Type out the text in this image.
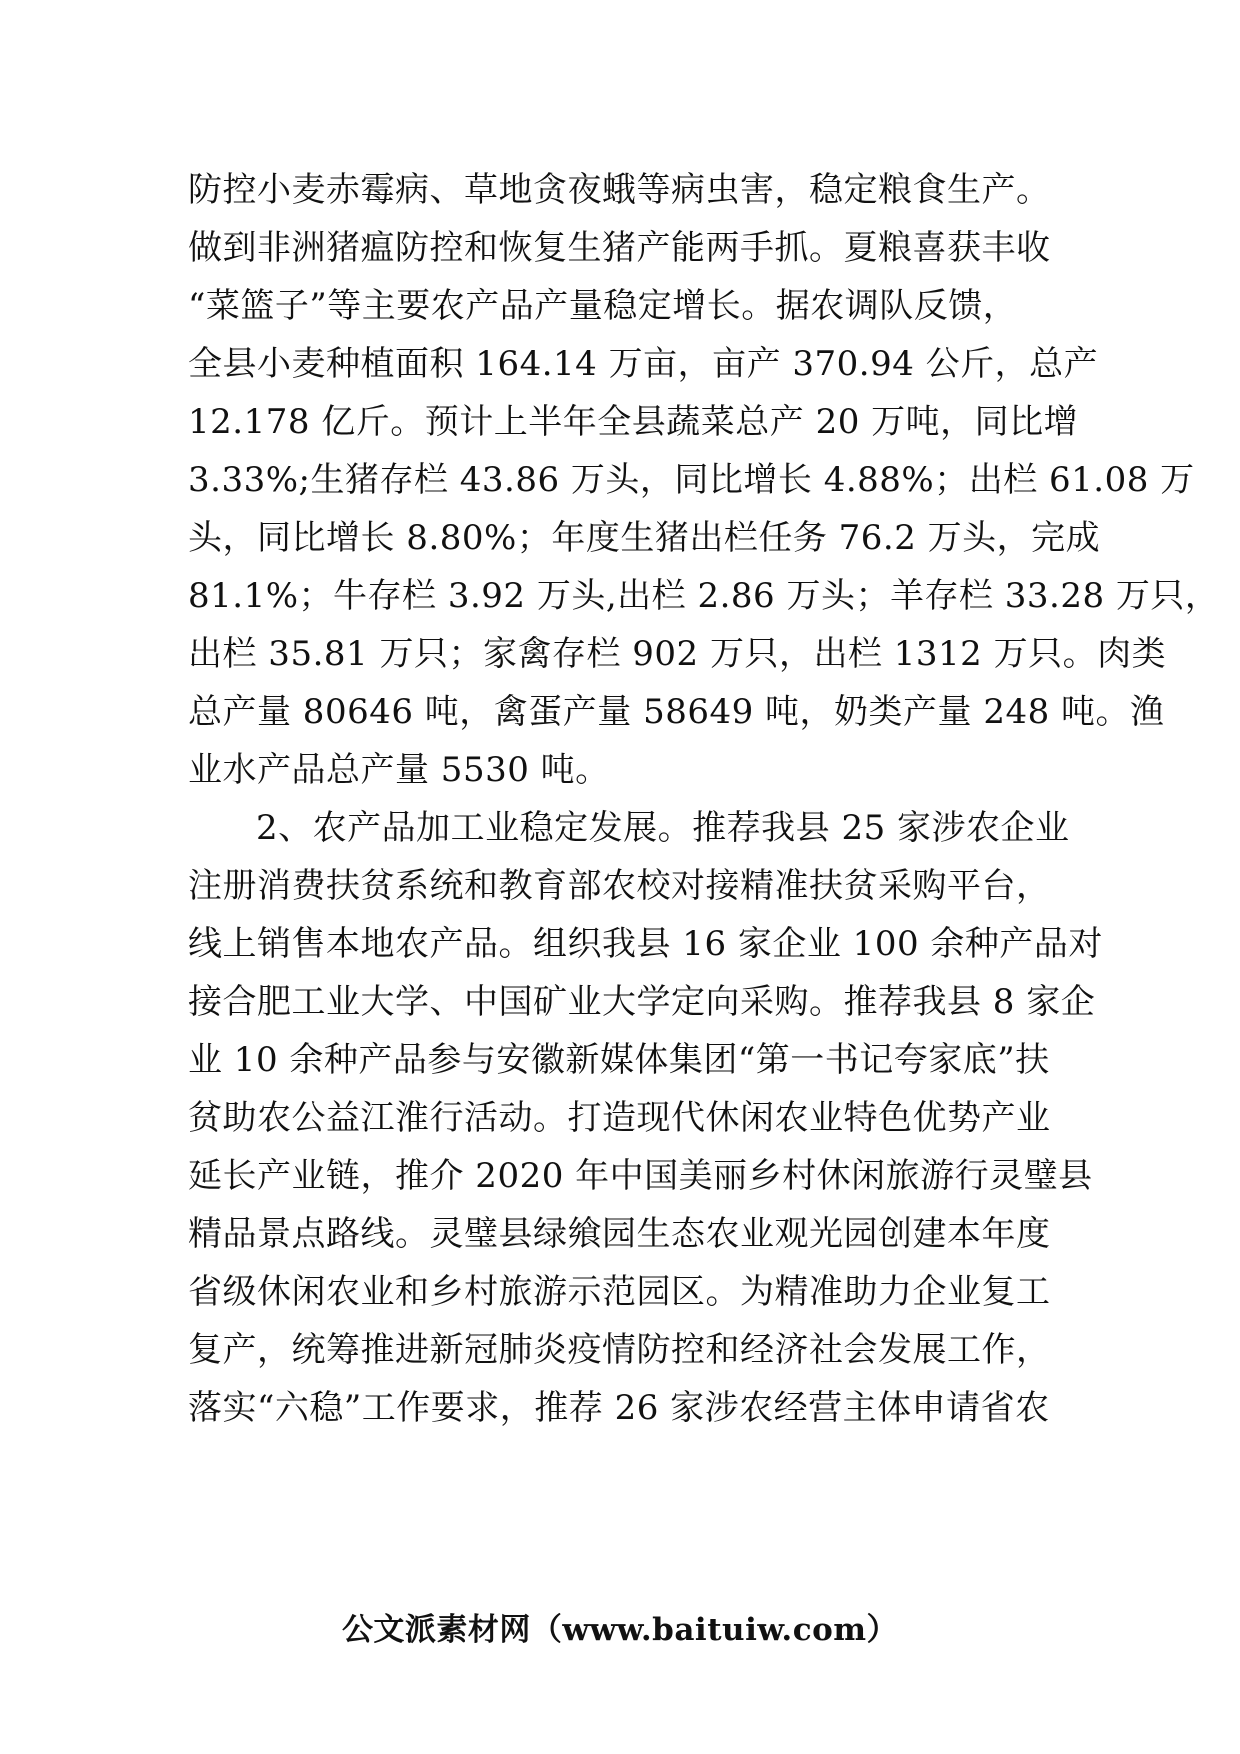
防控小麦赤霉病、草地贪夜蛾等病虫害，稳定粮食生产。
做到非洲猪瘟防控和恢复生猪产能两手抓。夏粮喜获丰收
“菜篮子”等主要农产品产量稳定增长。据农调队反馈，
全县小麦种植面积 164.14 万亩，亩产 370.94 公斤，总产
12.178 亿斤。预计上半年全县蔬菜总产 20 万吨，同比增
3.33%;生猪存栏 43.86 万头，同比增长 4.88%；出栏 61.08 万
头，同比增长 8.80%；年度生猪出栏任务 76.2 万头，完成
81.1%；牛存栏 3.92 万头,出栏 2.86 万头；羊存栏 33.28 万只，
出栏 35.81 万只；家禽存栏 902 万只，出栏 1312 万只。肉类
总产量 80646 吨，禽蛋产量 58649 吨，奶类产量 248 吨。渔
业水产品总产量 5530 吨。
2、农产品加工业稳定发展。推荐我县 25 家涉农企业
注册消费扶贫系统和教育部农校对接精准扶贫采购平台，
线上销售本地农产品。组织我县 16 家企业 100 余种产品对
接合肥工业大学、中国矿业大学定向采购。推荐我县 8 家企
业 10 余种产品参与安徽新媒体集团“第一书记夸家底”扶
贫助农公益江淮行活动。打造现代休闲农业特色优势产业
延长产业链，推介 2020 年中国美丽乡村休闲旅游行灵璧县
精品景点路线。灵璧县绿飨园生态农业观光园创建本年度
省级休闲农业和乡村旅游示范园区。为精准助力企业复工
复产，统筹推进新冠肺炎疫情防控和经济社会发展工作，
落实“六稳”工作要求，推荐 26 家涉农经营主体申请省农
公文派素材网（www.baituiw.com）
